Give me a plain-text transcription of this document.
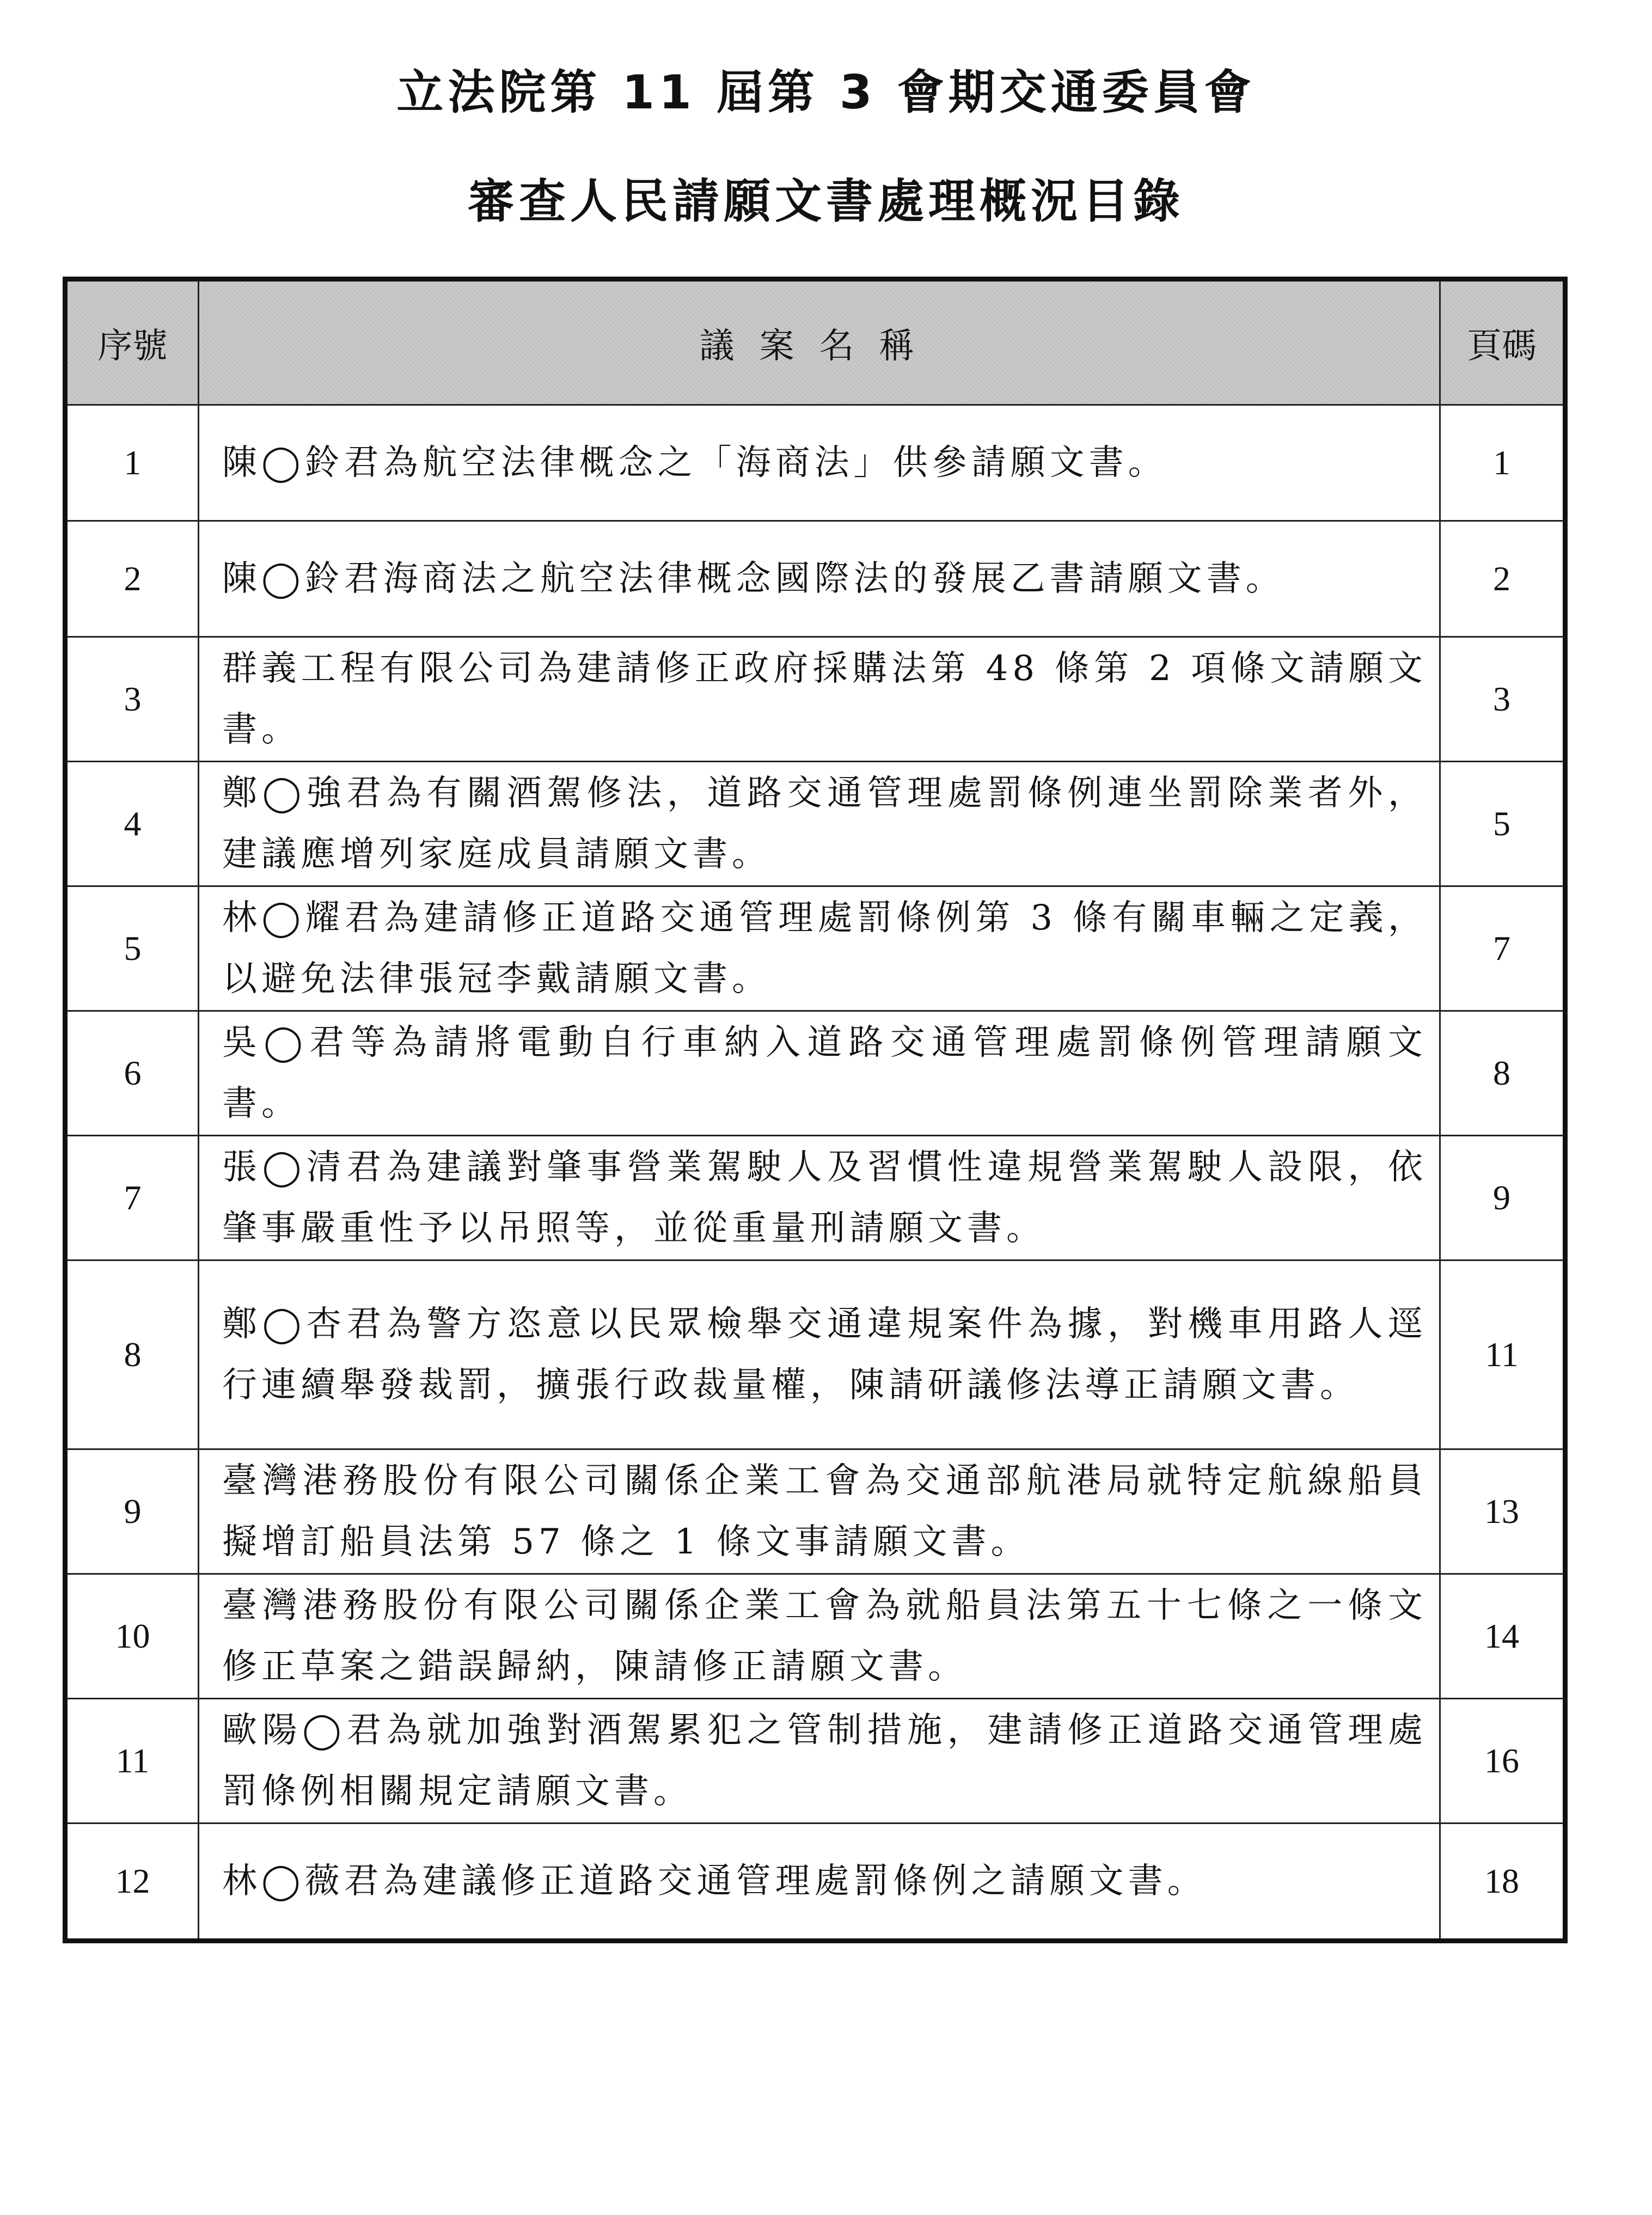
立法院第 11 屆第 3 會期交通委員會
審查人民請願文書處理概況目錄
序號	議案名稱	頁碼
1	陳◯鈴君為航空法律概念之「海商法」供參請願文書。	1
2	陳◯鈴君海商法之航空法律概念國際法的發展乙書請願文書。	2
3	群義工程有限公司為建請修正政府採購法第 48 條第 2 項條文請願文書。	3
4	鄭◯強君為有關酒駕修法，道路交通管理處罰條例連坐罰除業者外，建議應增列家庭成員請願文書。	5
5	林◯耀君為建請修正道路交通管理處罰條例第 3 條有關車輛之定義，以避免法律張冠李戴請願文書。	7
6	吳◯君等為請將電動自行車納入道路交通管理處罰條例管理請願文書。	8
7	張◯清君為建議對肇事營業駕駛人及習慣性違規營業駕駛人設限，依肇事嚴重性予以吊照等，並從重量刑請願文書。	9
8	鄭◯杏君為警方恣意以民眾檢舉交通違規案件為據，對機車用路人逕行連續舉發裁罰，擴張行政裁量權，陳請研議修法導正請願文書。	11
9	臺灣港務股份有限公司關係企業工會為交通部航港局就特定航線船員擬增訂船員法第 57 條之 1 條文事請願文書。	13
10	臺灣港務股份有限公司關係企業工會為就船員法第五十七條之一條文修正草案之錯誤歸納，陳請修正請願文書。	14
11	歐陽◯君為就加強對酒駕累犯之管制措施，建請修正道路交通管理處罰條例相關規定請願文書。	16
12	林◯薇君為建議修正道路交通管理處罰條例之請願文書。	18
